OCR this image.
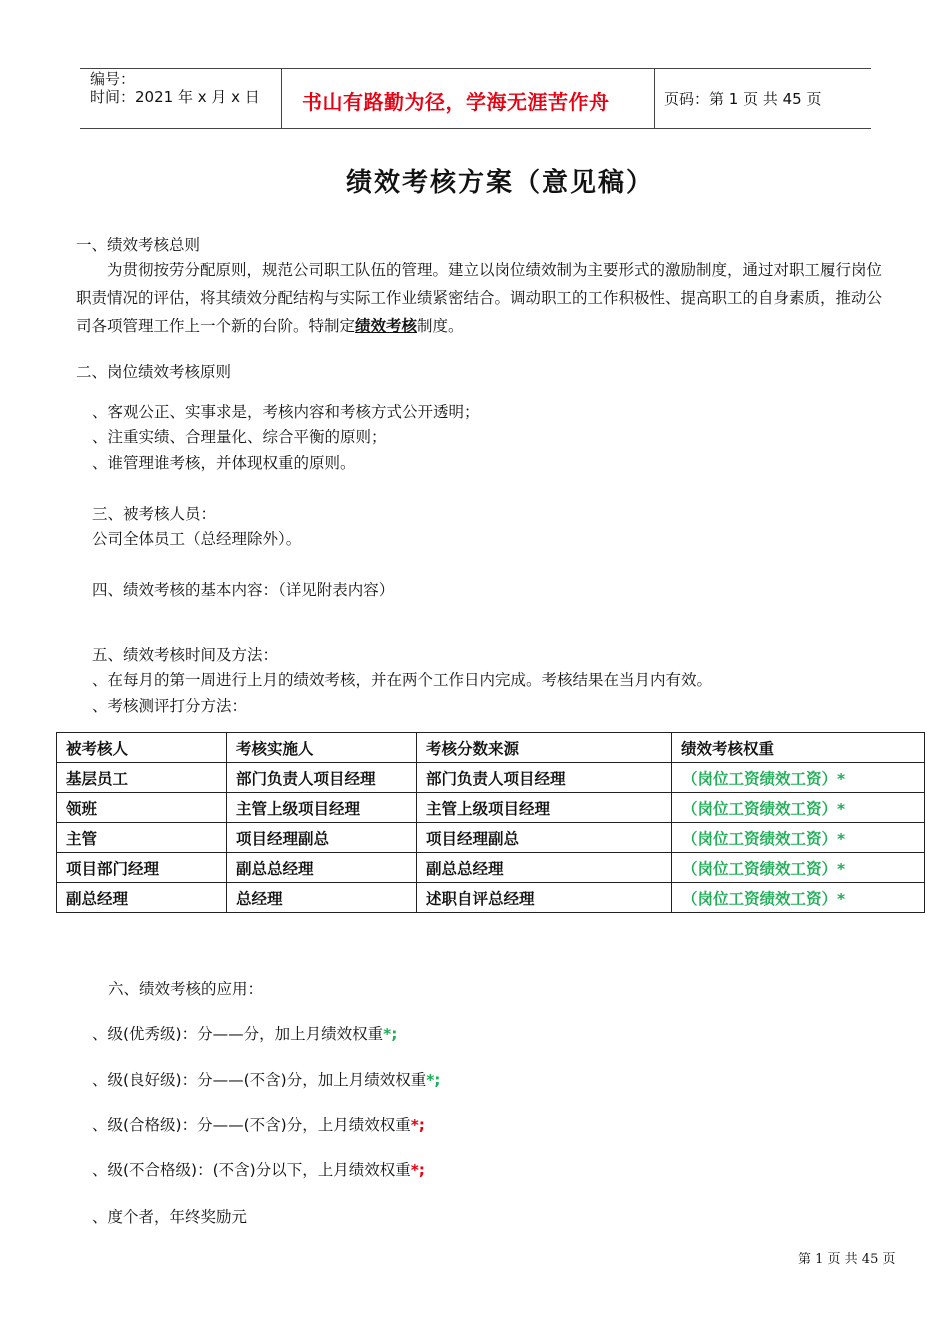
编号：
时间：2021 年 x 月 x 日 书山有路勤为径，学海无涯苦作舟	页码：第 1 页 共 45 页
绩效考核方案（意见稿）
一、绩效考核总则
为贯彻按劳分配原则，规范公司职工队伍的管理。建立以岗位绩效制为主要形式的激励制度，通过对职工履行岗位职责情况的评估，将其绩效分配结构与实际工作业绩紧密结合。调动职工的工作积极性、提高职工的自身素质，推动公司各项管理工作上一个新的台阶。特制定绩效考核制度。
二、岗位绩效考核原则
、客观公正、实事求是，考核内容和考核方式公开透明；
、注重实绩、合理量化、综合平衡的原则；
、谁管理谁考核，并体现权重的原则。
三、被考核人员：
公司全体员工（总经理除外）。
四、绩效考核的基本内容：（详见附表内容）
五、绩效考核时间及方法：
、在每月的第一周进行上月的绩效考核，并在两个工作日内完成。考核结果在当月内有效。
、考核测评打分方法：
被考核人	考核实施人	考核分数来源	绩效考核权重
基层员工	部门负责人项目经理	部门负责人项目经理	（岗位工资绩效工资）*
领班	主管上级项目经理	主管上级项目经理	（岗位工资绩效工资）*
主管	项目经理副总	项目经理副总	（岗位工资绩效工资）*
项目部门经理	副总总经理	副总总经理	（岗位工资绩效工资）*
副总经理	总经理	述职自评总经理	（岗位工资绩效工资）*
六、绩效考核的应用：
、级(优秀级)：分——分，加上月绩效权重*;
、级(良好级)：分——(不含)分，加上月绩效权重*;
、级(合格级)：分——(不含)分，上月绩效权重*;
、级(不合格级)：(不含)分以下，上月绩效权重*;
、度个者，年终奖励元
第 1 页 共 45 页
